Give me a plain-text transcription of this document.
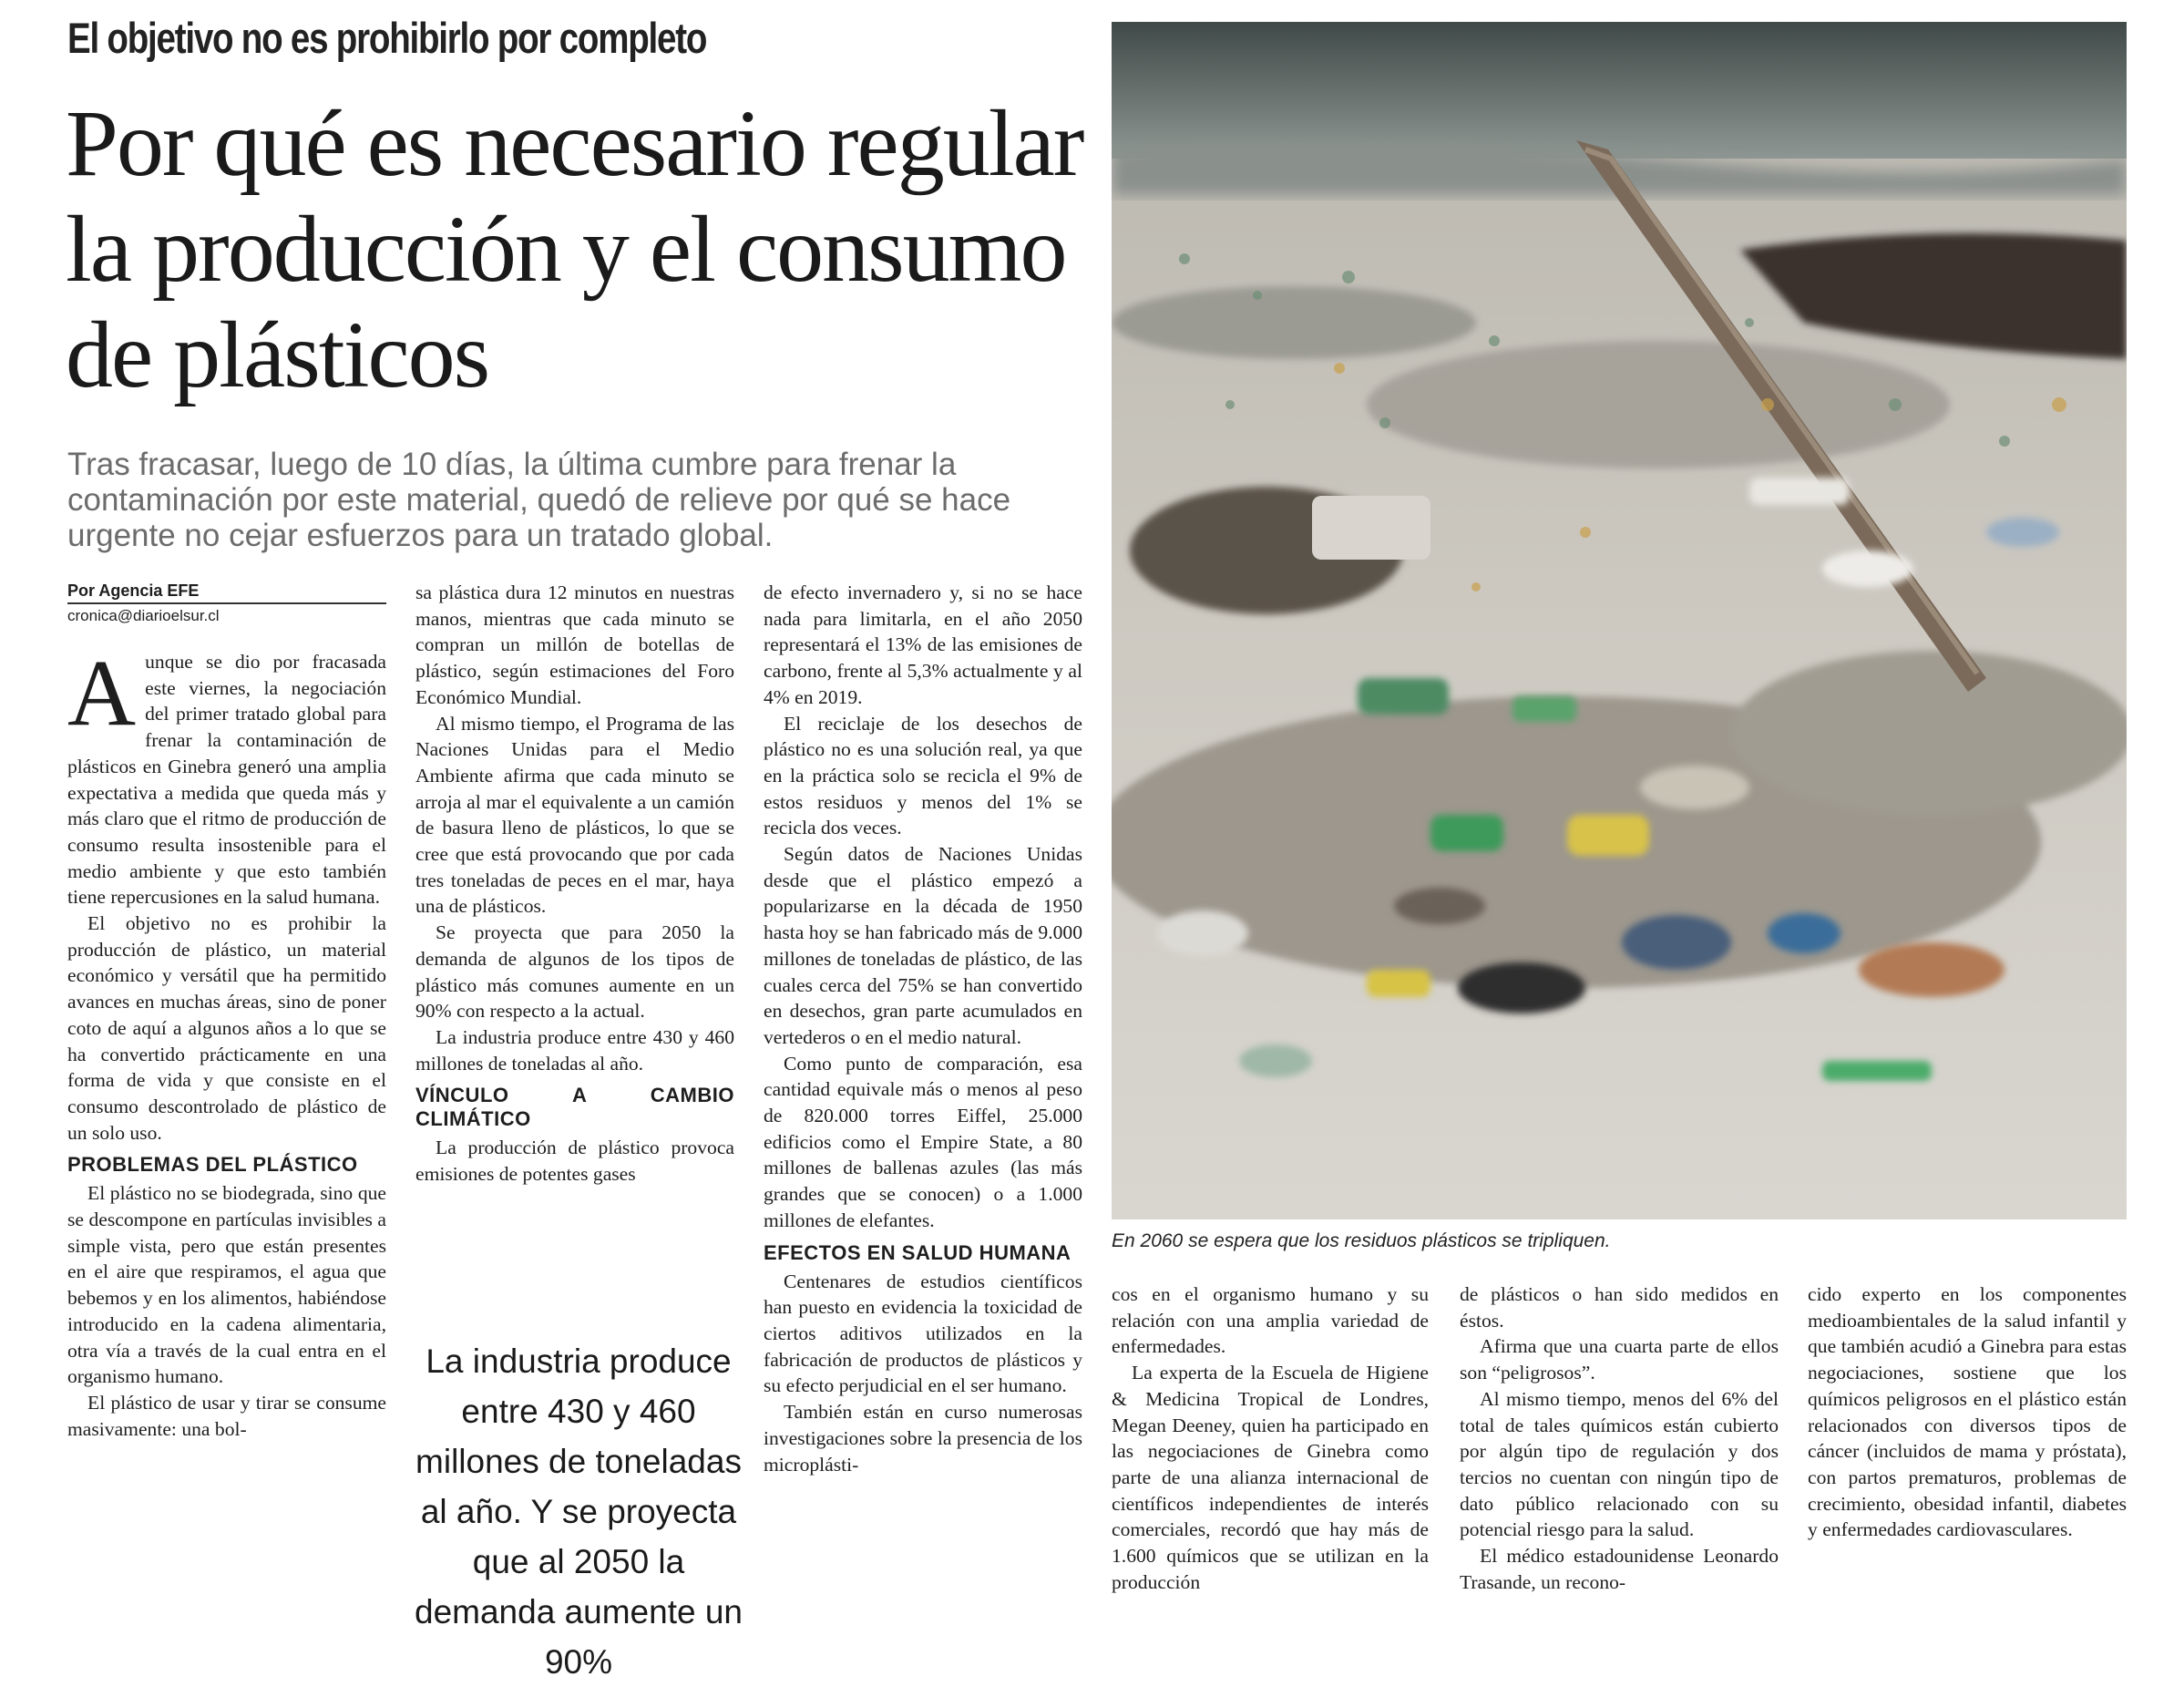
El objetivo no es prohibirlo por completo
Por qué es necesario regular la producción y el consumo de plásticos
Tras fracasar, luego de 10 días, la última cumbre para frenar la contaminación por este material, quedó de relieve por qué se hace urgente no cejar esfuerzos para un tratado global.
Por Agencia EFE
cronica@diarioelsur.cl

Aunque se dio por fracasada este viernes, la negociación del primer tratado global para frenar la contaminación de plásticos en Ginebra generó una amplia expectativa a medida que queda más y más claro que el ritmo de producción de consumo resulta insostenible para el medio ambiente y que esto también tiene repercusiones en la salud humana.

El objetivo no es prohibir la producción de plástico, un material económico y versátil que ha permitido avances en muchas áreas, sino de poner coto de aquí a algunos años a lo que se ha convertido prácticamente en una forma de vida y que consiste en el consumo descontrolado de plástico de un solo uso.

PROBLEMAS DEL PLÁSTICO

El plástico no se biodegrada, sino que se descompone en partículas invisibles a simple vista, pero que están presentes en el aire que respiramos, el agua que bebemos y en los alimentos, habiéndose introducido en la cadena alimentaria, otra vía a través de la cual entra en el organismo humano.

El plástico de usar y tirar se consume masivamente: una bol-

sa plástica dura 12 minutos en nuestras manos, mientras que cada minuto se compran un millón de botellas de plástico, según estimaciones del Foro Económico Mundial.

Al mismo tiempo, el Programa de las Naciones Unidas para el Medio Ambiente afirma que cada minuto se arroja al mar el equivalente a un camión de basura lleno de plásticos, lo que se cree que está provocando que por cada tres toneladas de peces en el mar, haya una de plásticos.

Se proyecta que para 2050 la demanda de algunos de los tipos de plástico más comunes aumente en un 90% con respecto a la actual.

La industria produce entre 430 y 460 millones de toneladas al año.

VÍNCULO A CAMBIO CLIMÁTICO

La producción de plástico provoca emisiones de potentes gases

La industria produce entre 430 y 460 millones de toneladas al año. Y se proyecta que al 2050 la demanda aumente un 90%

de efecto invernadero y, si no se hace nada para limitarla, en el año 2050 representará el 13% de las emisiones de carbono, frente al 5,3% actualmente y al 4% en 2019.

El reciclaje de los desechos de plástico no es una solución real, ya que en la práctica solo se recicla el 9% de estos residuos y menos del 1% se recicla dos veces.

Según datos de Naciones Unidas desde que el plástico empezó a popularizarse en la década de 1950 hasta hoy se han fabricado más de 9.000 millones de toneladas de plástico, de las cuales cerca del 75% se han convertido en desechos, gran parte acumulados en vertederos o en el medio natural.

Como punto de comparación, esa cantidad equivale más o menos al peso de 820.000 torres Eiffel, 25.000 edificios como el Empire State, a 80 millones de ballenas azules (las más grandes que se conocen) o a 1.000 millones de elefantes.

EFECTOS EN SALUD HUMANA

Centenares de estudios científicos han puesto en evidencia la toxicidad de ciertos aditivos utilizados en la fabricación de productos de plásticos y su efecto perjudicial en el ser humano.

También están en curso numerosas investigaciones sobre la presencia de los microplásti-

En 2060 se espera que los residuos plásticos se tripliquen.

cos en el organismo humano y su relación con una amplia variedad de enfermedades.

La experta de la Escuela de Higiene & Medicina Tropical de Londres, Megan Deeney, quien ha participado en las negociaciones de Ginebra como parte de una alianza internacional de científicos independientes de interés comerciales, recordó que hay más de 1.600 químicos que se utilizan en la producción

de plásticos o han sido medidos en éstos.

Afirma que una cuarta parte de ellos son “peligrosos”.

Al mismo tiempo, menos del 6% del total de tales químicos están cubierto por algún tipo de regulación y dos tercios no cuentan con ningún tipo de dato público relacionado con su potencial riesgo para la salud.

El médico estadounidense Leonardo Trasande, un recono-

cido experto en los componentes medioambientales de la salud infantil y que también acudió a Ginebra para estas negociaciones, sostiene que los químicos peligrosos en el plástico están relacionados con diversos tipos de cáncer (incluidos de mama y próstata), con partos prematuros, problemas de crecimiento, obesidad infantil, diabetes y enfermedades cardiovasculares.
